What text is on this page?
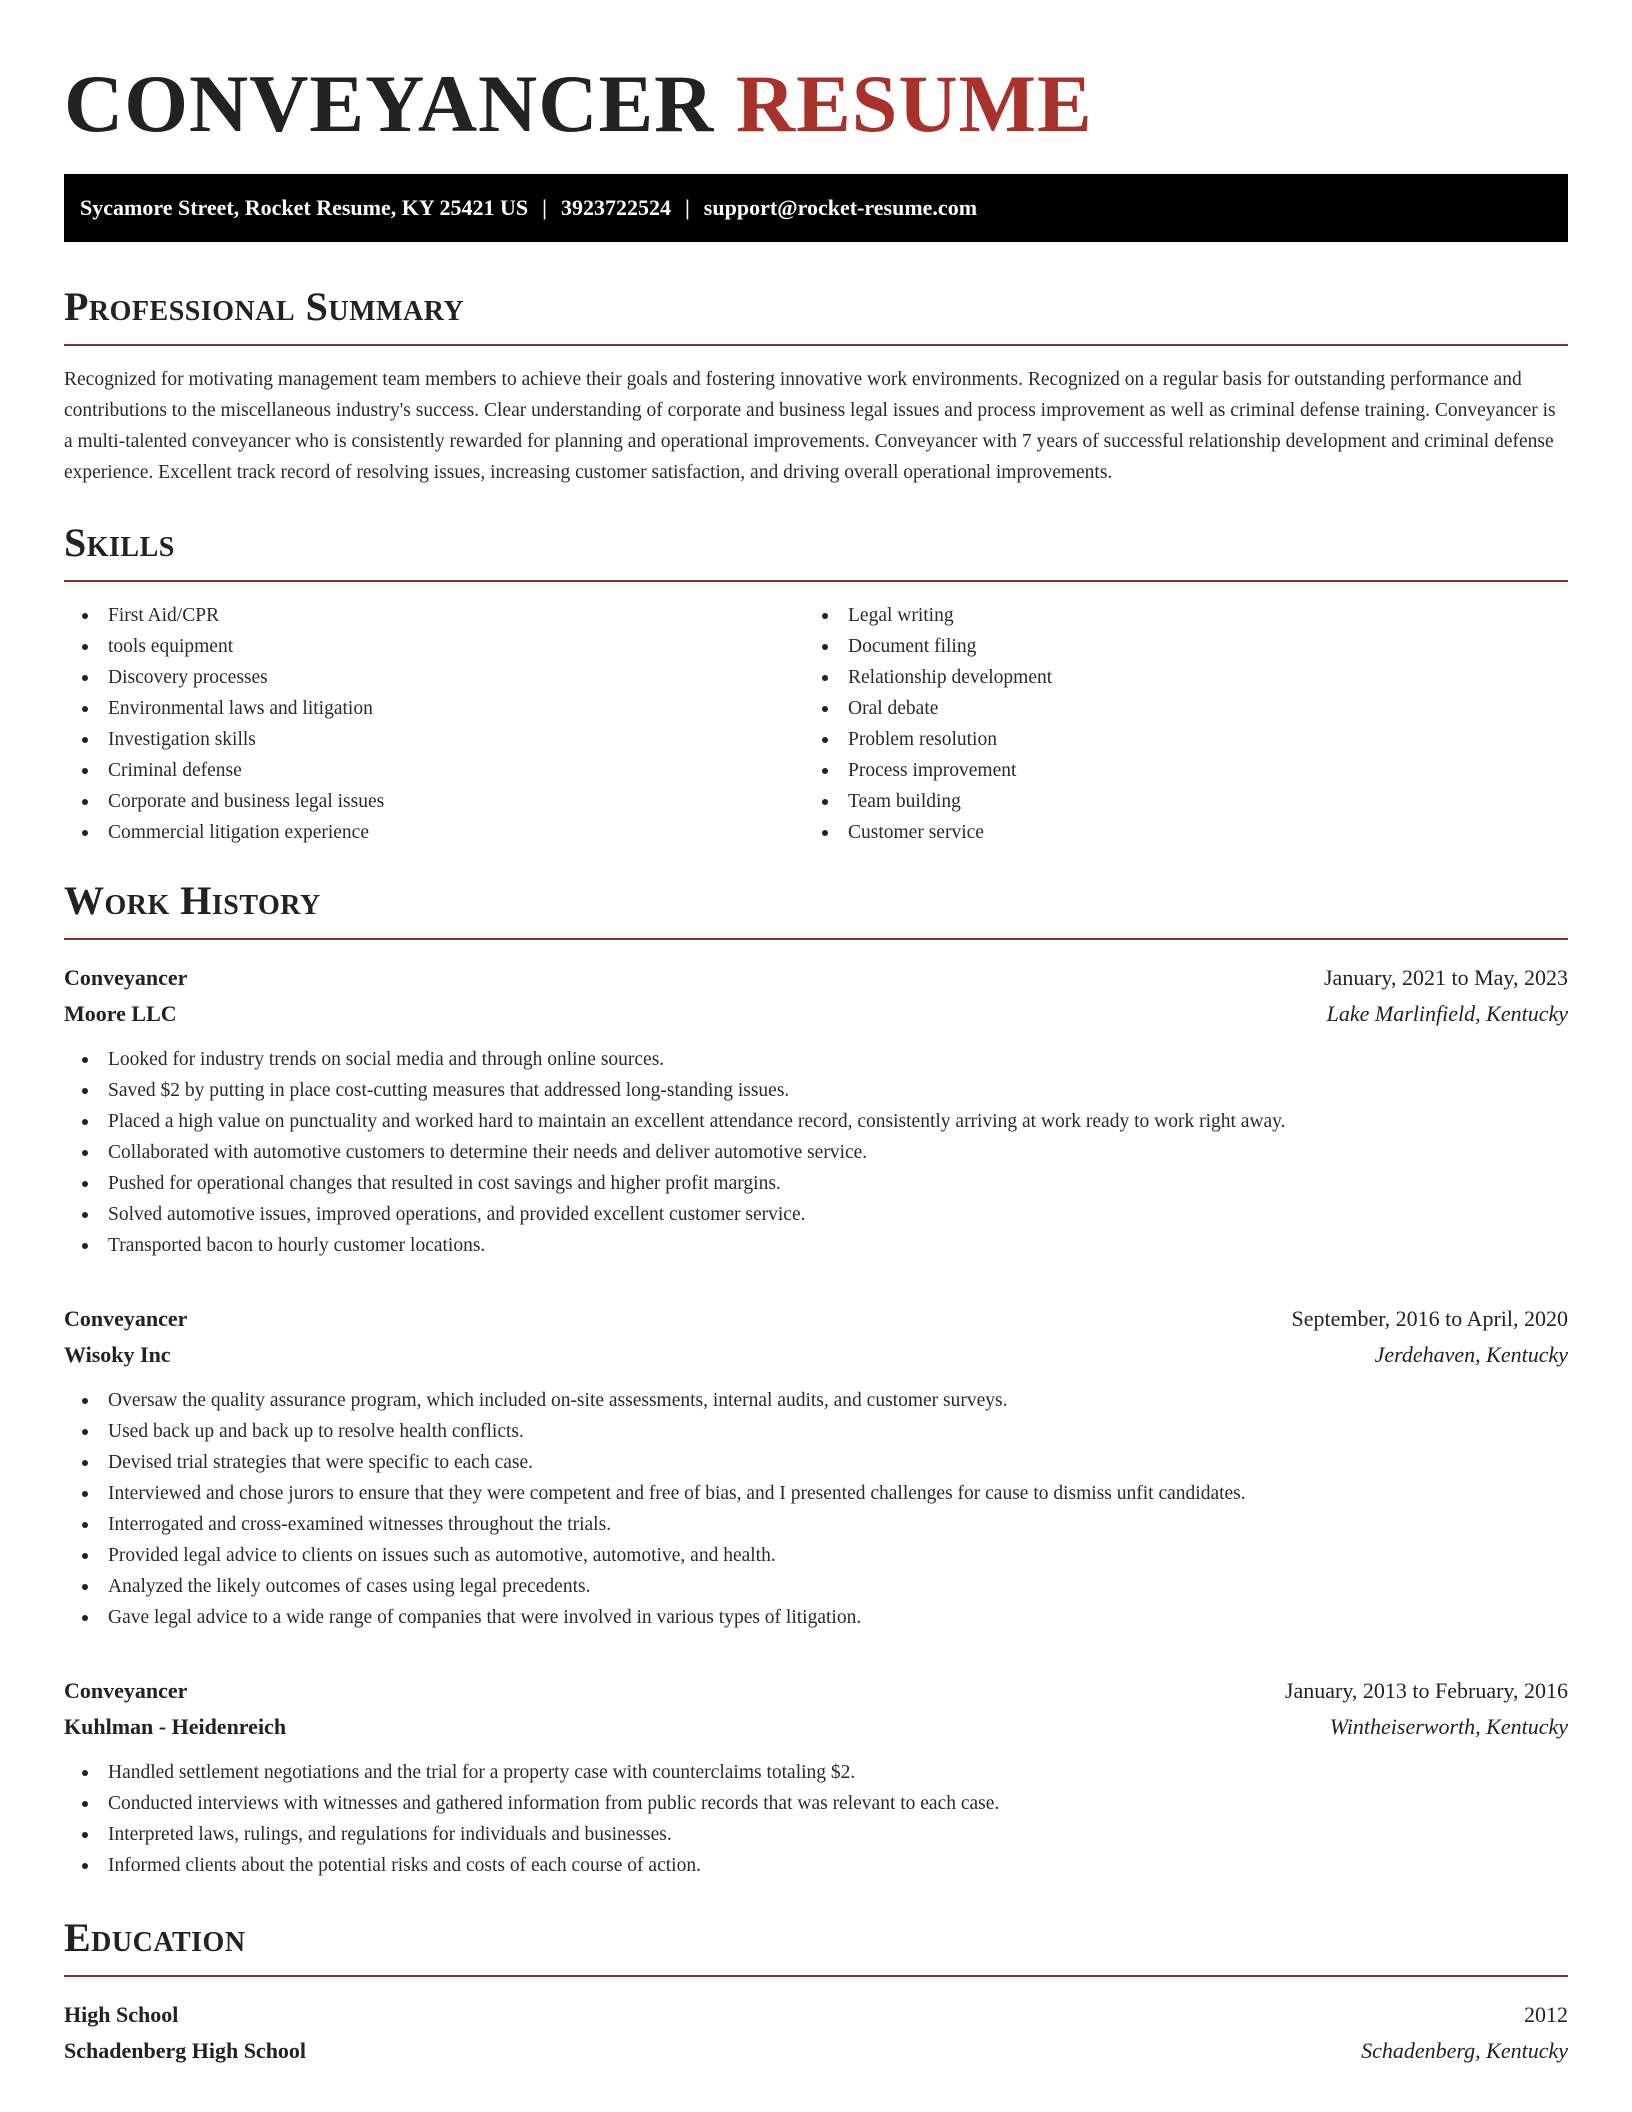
CONVEYANCER RESUME
Sycamore Street, Rocket Resume, KY 25421 US | 3923722524 | support@rocket-resume.com
Professional Summary

Recognized for motivating management team members to achieve their goals and fostering innovative work environments. Recognized on a regular basis for outstanding performance and contributions to the miscellaneous industry's success. Clear understanding of corporate and business legal issues and process improvement as well as criminal defense training. Conveyancer is a multi-talented conveyancer who is consistently rewarded for planning and operational improvements. Conveyancer with 7 years of successful relationship development and criminal defense experience. Excellent track record of resolving issues, increasing customer satisfaction, and driving overall operational improvements.

Skills
First Aid/CPR
tools equipment
Discovery processes
Environmental laws and litigation
Investigation skills
Criminal defense
Corporate and business legal issues
Commercial litigation experience
Legal writing
Document filing
Relationship development
Oral debate
Problem resolution
Process improvement
Team building
Customer service
Work History
Conveyancer	January, 2021 to May, 2023
Moore LLC	Lake Marlinfield, Kentucky
Looked for industry trends on social media and through online sources.
Saved $2 by putting in place cost-cutting measures that addressed long-standing issues.
Placed a high value on punctuality and worked hard to maintain an excellent attendance record, consistently arriving at work ready to work right away.
Collaborated with automotive customers to determine their needs and deliver automotive service.
Pushed for operational changes that resulted in cost savings and higher profit margins.
Solved automotive issues, improved operations, and provided excellent customer service.
Transported bacon to hourly customer locations.
Conveyancer	September, 2016 to April, 2020
Wisoky Inc	Jerdehaven, Kentucky
Oversaw the quality assurance program, which included on-site assessments, internal audits, and customer surveys.
Used back up and back up to resolve health conflicts.
Devised trial strategies that were specific to each case.
Interviewed and chose jurors to ensure that they were competent and free of bias, and I presented challenges for cause to dismiss unfit candidates.
Interrogated and cross-examined witnesses throughout the trials.
Provided legal advice to clients on issues such as automotive, automotive, and health.
Analyzed the likely outcomes of cases using legal precedents.
Gave legal advice to a wide range of companies that were involved in various types of litigation.
Conveyancer	January, 2013 to February, 2016
Kuhlman - Heidenreich	Wintheiserworth, Kentucky
Handled settlement negotiations and the trial for a property case with counterclaims totaling $2.
Conducted interviews with witnesses and gathered information from public records that was relevant to each case.
Interpreted laws, rulings, and regulations for individuals and businesses.
Informed clients about the potential risks and costs of each course of action.
Education
High School	2012
Schadenberg High School	Schadenberg, Kentucky
